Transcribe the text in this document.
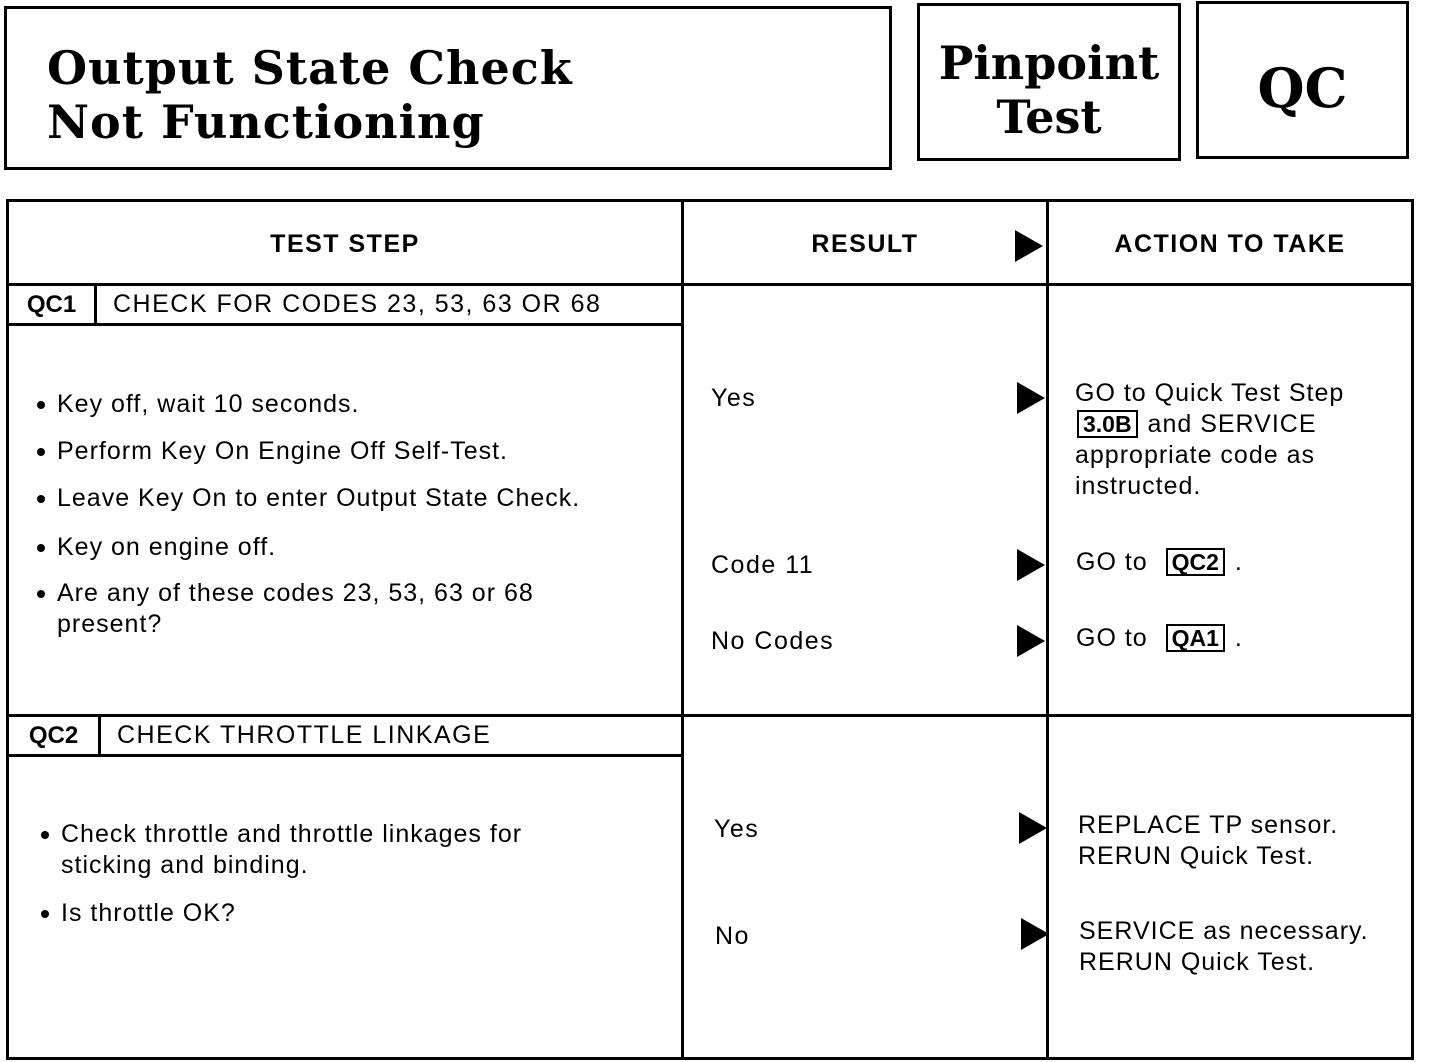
Output State Check
Not Functioning
Pinpoint
Test	QC
TEST STEP	RESULT	ACTION TO TAKE
QC1	CHECK FOR CODES 23, 53, 63 OR 68
Key off, wait 10 seconds.
Perform Key On Engine Off Self-Test.
Leave Key On to enter Output State Check.
Key on engine off.
Are any of these codes 23, 53, 63 or 68
present?
Yes	GO to Quick Test Step
3.0B and SERVICE
appropriate code as
instructed.
Code 11	GO to QC2 .
No Codes	GO to QA1 .
QC2	CHECK THROTTLE LINKAGE
Check throttle and throttle linkages for
sticking and binding.
Is throttle OK?
Yes	REPLACE TP sensor.
RERUN Quick Test.
No	SERVICE as necessary.
RERUN Quick Test.
